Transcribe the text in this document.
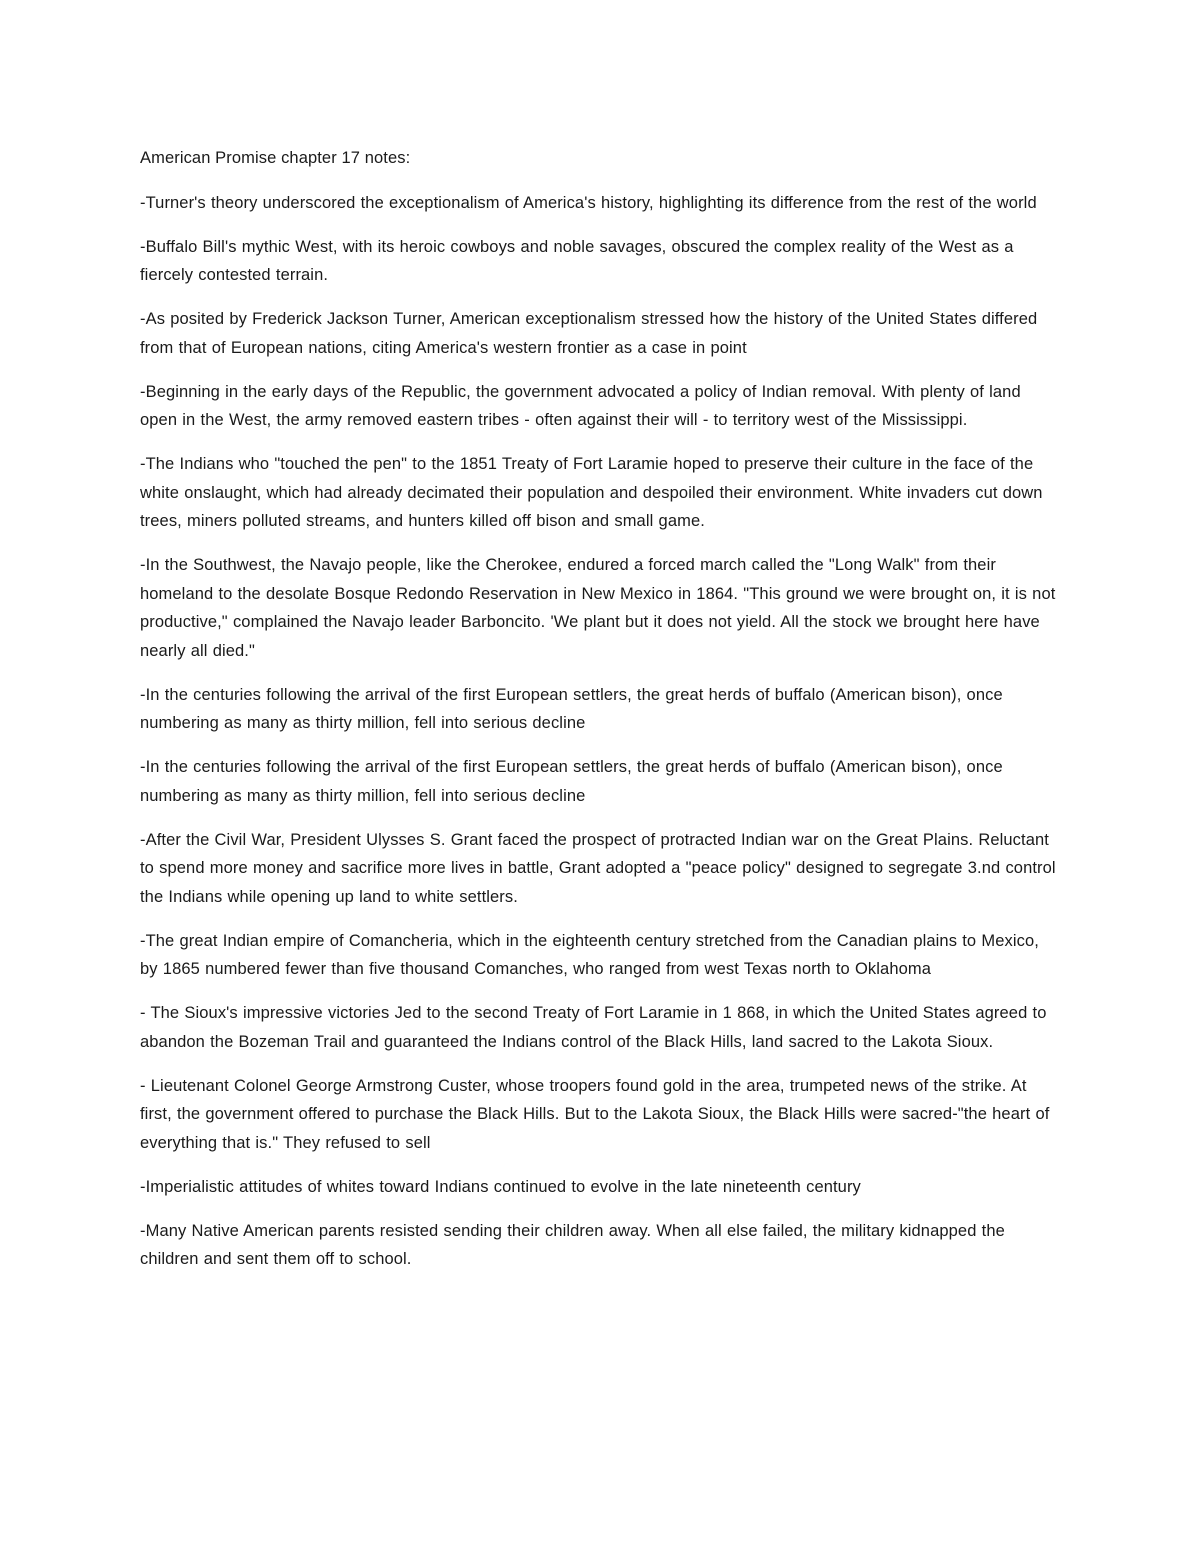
American Promise chapter 17 notes:

-Turner's theory underscored the exceptionalism of America's history, highlighting its difference from the rest of the world

-Buffalo Bill's mythic West, with its heroic cowboys and noble savages, obscured the complex reality of the West as a fiercely contested terrain.

-As posited by Frederick Jackson Turner, American exceptionalism stressed how the history of the United States differed from that of European nations, citing America's western frontier as a case in point

-Beginning in the early days of the Republic, the government advocated a policy of Indian removal. With plenty of land open in the West, the army removed eastern tribes - often against their will - to territory west of the Mississippi.

-The Indians who "touched the pen" to the 1851 Treaty of Fort Laramie hoped to preserve their culture in the face of the white onslaught, which had already decimated their population and despoiled their environment. White invaders cut down trees, miners polluted streams, and hunters killed off bison and small game.

-In the Southwest, the Navajo people, like the Cherokee, endured a forced march called the "Long Walk" from their homeland to the desolate Bosque Redondo Reservation in New Mexico in 1864. "This ground we were brought on, it is not productive," complained the Navajo leader Barboncito. 'We plant but it does not yield. All the stock we brought here have nearly all died."

-In the centuries following the arrival of the first European settlers, the great herds of buffalo (American bison), once numbering as many as thirty million, fell into serious decline

-In the centuries following the arrival of the first European settlers, the great herds of buffalo (American bison), once numbering as many as thirty million, fell into serious decline

-After the Civil War, President Ulysses S. Grant faced the prospect of protracted Indian war on the Great Plains. Reluctant to spend more money and sacrifice more lives in battle, Grant adopted a "peace policy" designed to segregate 3.nd control the Indians while opening up land to white settlers.

-The great Indian empire of Comancheria, which in the eighteenth century stretched from the Canadian plains to Mexico, by 1865 numbered fewer than five thousand Comanches, who ranged from west Texas north to Oklahoma

- The Sioux's impressive victories Jed to the second Treaty of Fort Laramie in 1 868, in which the United States agreed to abandon the Bozeman Trail and guaranteed the Indians control of the Black Hills, land sacred to the Lakota Sioux.

- Lieutenant Colonel George Armstrong Custer, whose troopers found gold in the area, trumpeted news of the strike. At first, the government offered to purchase the Black Hills. But to the Lakota Sioux, the Black Hills were sacred-"the heart of everything that is." They refused to sell

-Imperialistic attitudes of whites toward Indians continued to evolve in the late nineteenth century

-Many Native American parents resisted sending their children away. When all else failed, the military kidnapped the children and sent them off to school.
